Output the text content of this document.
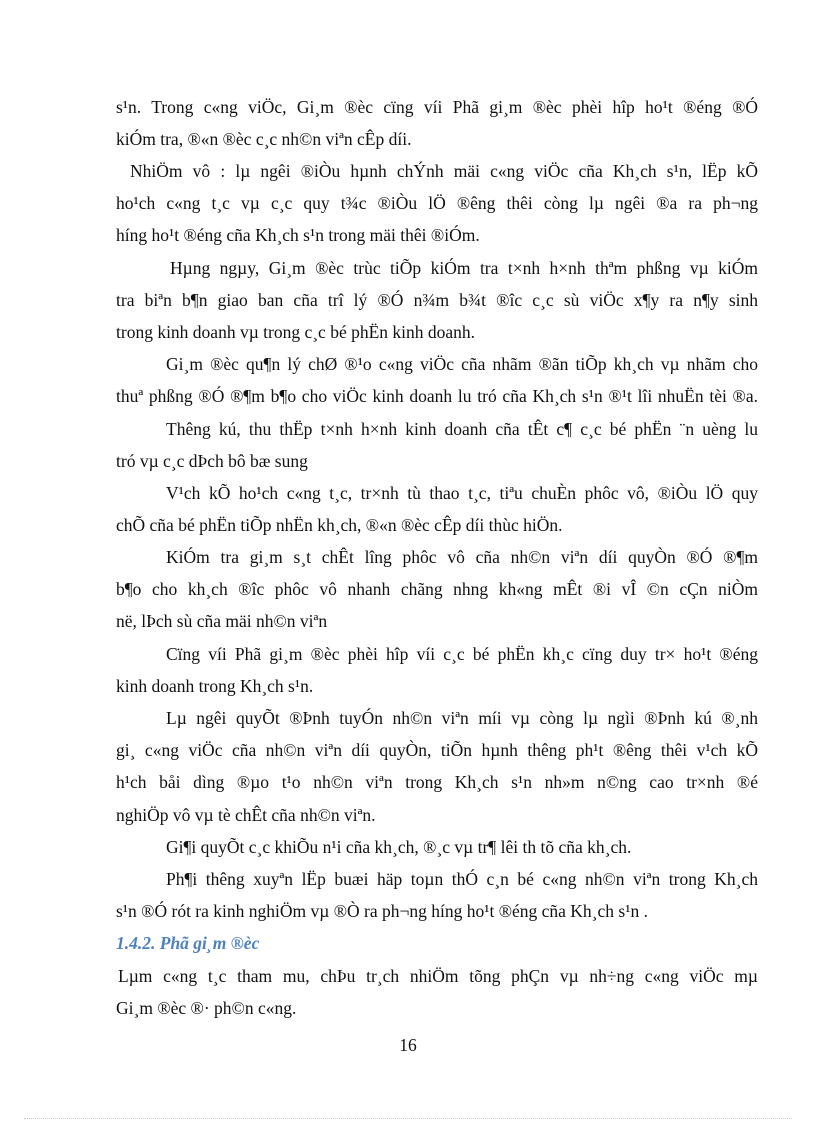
s¹n. Trong c«ng viÖc, Gi¸m ®èc cïng víi Phã gi¸m ®èc phèi hîp ho¹t ®éng ®Ó
kiÓm tra, ®«n ®èc c¸c nh©n viªn cÊp díi.
NhiÖm vô : lµ ngêi ®iÒu hµnh chÝnh mäi c«ng viÖc cña Kh¸ch s¹n, lËp kÕ
ho¹ch c«ng t¸c vµ c¸c quy t¾c ®iÒu lÖ ®êng thêi còng lµ ngêi ®a ra ph¬ng
híng ho¹t ®éng cña Kh¸ch s¹n trong mäi thêi ®iÓm.
Hµng ngµy, Gi¸m ®èc trùc tiÕp kiÓm tra t×nh h×nh thªm phßng vµ kiÓm
tra biªn b¶n giao ban cña trî lý ®Ó n¾m b¾t ®îc c¸c sù viÖc x¶y ra n¶y sinh
trong kinh doanh vµ trong c¸c bé phËn kinh doanh.
Gi¸m ®èc qu¶n lý chØ ®¹o c«ng viÖc cña nhãm ®ãn tiÕp kh¸ch vµ nhãm cho
thuª phßng ®Ó ®¶m b¶o cho viÖc kinh doanh lu tró cña Kh¸ch s¹n ®¹t lîi nhuËn tèi ®a.
Thêng kú, thu thËp t×nh h×nh kinh doanh cña tÊt c¶ c¸c bé phËn ¨n uèng lu
tró vµ c¸c dÞch bô bæ sung
V¹ch kÕ ho¹ch c«ng t¸c, tr×nh tù thao t¸c, tiªu chuÈn phôc vô, ®iÒu lÖ quy
chÕ cña bé phËn tiÕp nhËn kh¸ch, ®«n ®èc cÊp díi thùc hiÖn.
KiÓm tra gi¸m s¸t chÊt lîng phôc vô cña nh©n viªn díi quyÒn ®Ó ®¶m
b¶o cho kh¸ch ®îc phôc vô nhanh chãng nhng kh«ng mÊt ®i vÎ ©n cÇn niÒm
në, lÞch sù cña mäi nh©n viªn
Cïng víi Phã gi¸m ®èc phèi hîp víi c¸c bé phËn kh¸c cïng duy tr× ho¹t ®éng
kinh doanh trong Kh¸ch s¹n.
Lµ ngêi quyÕt ®Þnh tuyÓn nh©n viªn míi vµ còng lµ ngìi ®Þnh kú ®¸nh
gi¸ c«ng viÖc cña nh©n viªn díi quyÒn, tiÕn hµnh thêng ph¹t ®êng thêi v¹ch kÕ
h¹ch båi dìng ®µo t¹o nh©n viªn trong Kh¸ch s¹n nh»m n©ng cao tr×nh ®é
nghiÖp vô vµ tè chÊt cña nh©n viªn.
Gi¶i quyÕt c¸c khiÕu n¹i cña kh¸ch, ®¸c vµ tr¶ lêi th tõ cña kh¸ch.
Ph¶i thêng xuyªn lËp buæi häp toµn thÓ c¸n bé c«ng nh©n viªn trong Kh¸ch
s¹n ®Ó rót ra kinh nghiÖm vµ ®Ò ra ph¬ng híng ho¹t ®éng cña Kh¸ch s¹n .
1.4.2. Phã gi¸m ®èc
Lµm c«ng t¸c tham mu, chÞu tr¸ch nhiÖm tõng phÇn vµ nh÷ng c«ng viÖc mµ
Gi¸m ®èc ®· ph©n c«ng.
16
